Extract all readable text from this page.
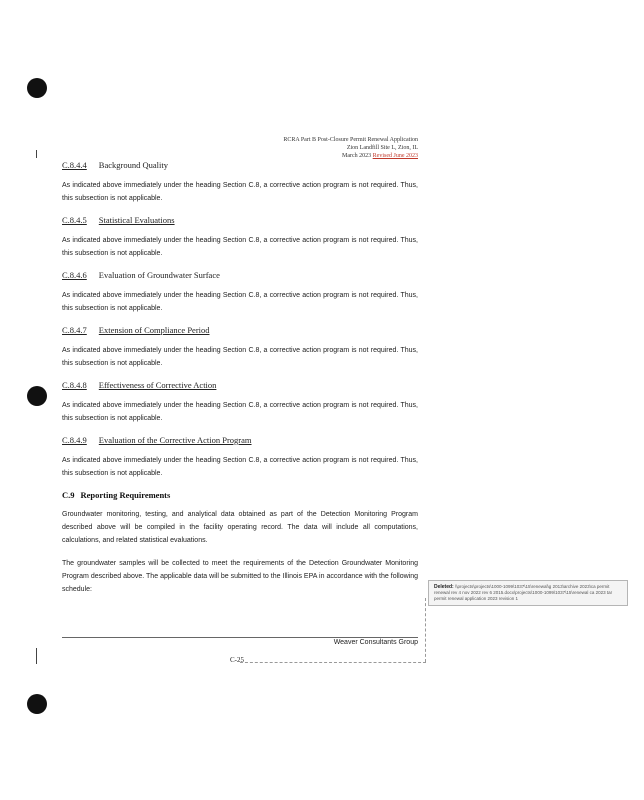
RCRA Part B Post-Closure Permit Renewal Application
Zion Landfill Site L, Zion, IL
March 2023 Revised June 2023
C.8.4.4 Background Quality

As indicated above immediately under the heading Section C.8, a corrective action program is not required. Thus, this subsection is not applicable.

C.8.4.5 Statistical Evaluations

As indicated above immediately under the heading Section C.8, a corrective action program is not required. Thus, this subsection is not applicable.

C.8.4.6 Evaluation of Groundwater Surface

As indicated above immediately under the heading Section C.8, a corrective action program is not required. Thus, this subsection is not applicable.

C.8.4.7 Extension of Compliance Period

As indicated above immediately under the heading Section C.8, a corrective action program is not required. Thus, this subsection is not applicable.

C.8.4.8 Effectiveness of Corrective Action

As indicated above immediately under the heading Section C.8, a corrective action program is not required. Thus, this subsection is not applicable.

C.8.4.9 Evaluation of the Corrective Action Program

As indicated above immediately under the heading Section C.8, a corrective action program is not required. Thus, this subsection is not applicable.

C.9 Reporting Requirements

Groundwater monitoring, testing, and analytical data obtained as part of the Detection Monitoring Program described above will be compiled in the facility operating record. The data will include all computations, calculations, and related statistical evaluations.

The groundwater samples will be collected to meet the requirements of the Detection Groundwater Monitoring Program described above. The applicable data will be submitted to the Illinois EPA in accordance with the following schedule:	Deleted: \\projects\projects\1000-1099\1037\15\renewal\g 2013\archive 2023\ca permit renewal rev 4 nov 2022 rev 6 2015.docx\projects\1000-1099\1037\15\renewal ca 2023 tar permit renewal application 2023 revision 1
Weaver Consultants Group
C-25
